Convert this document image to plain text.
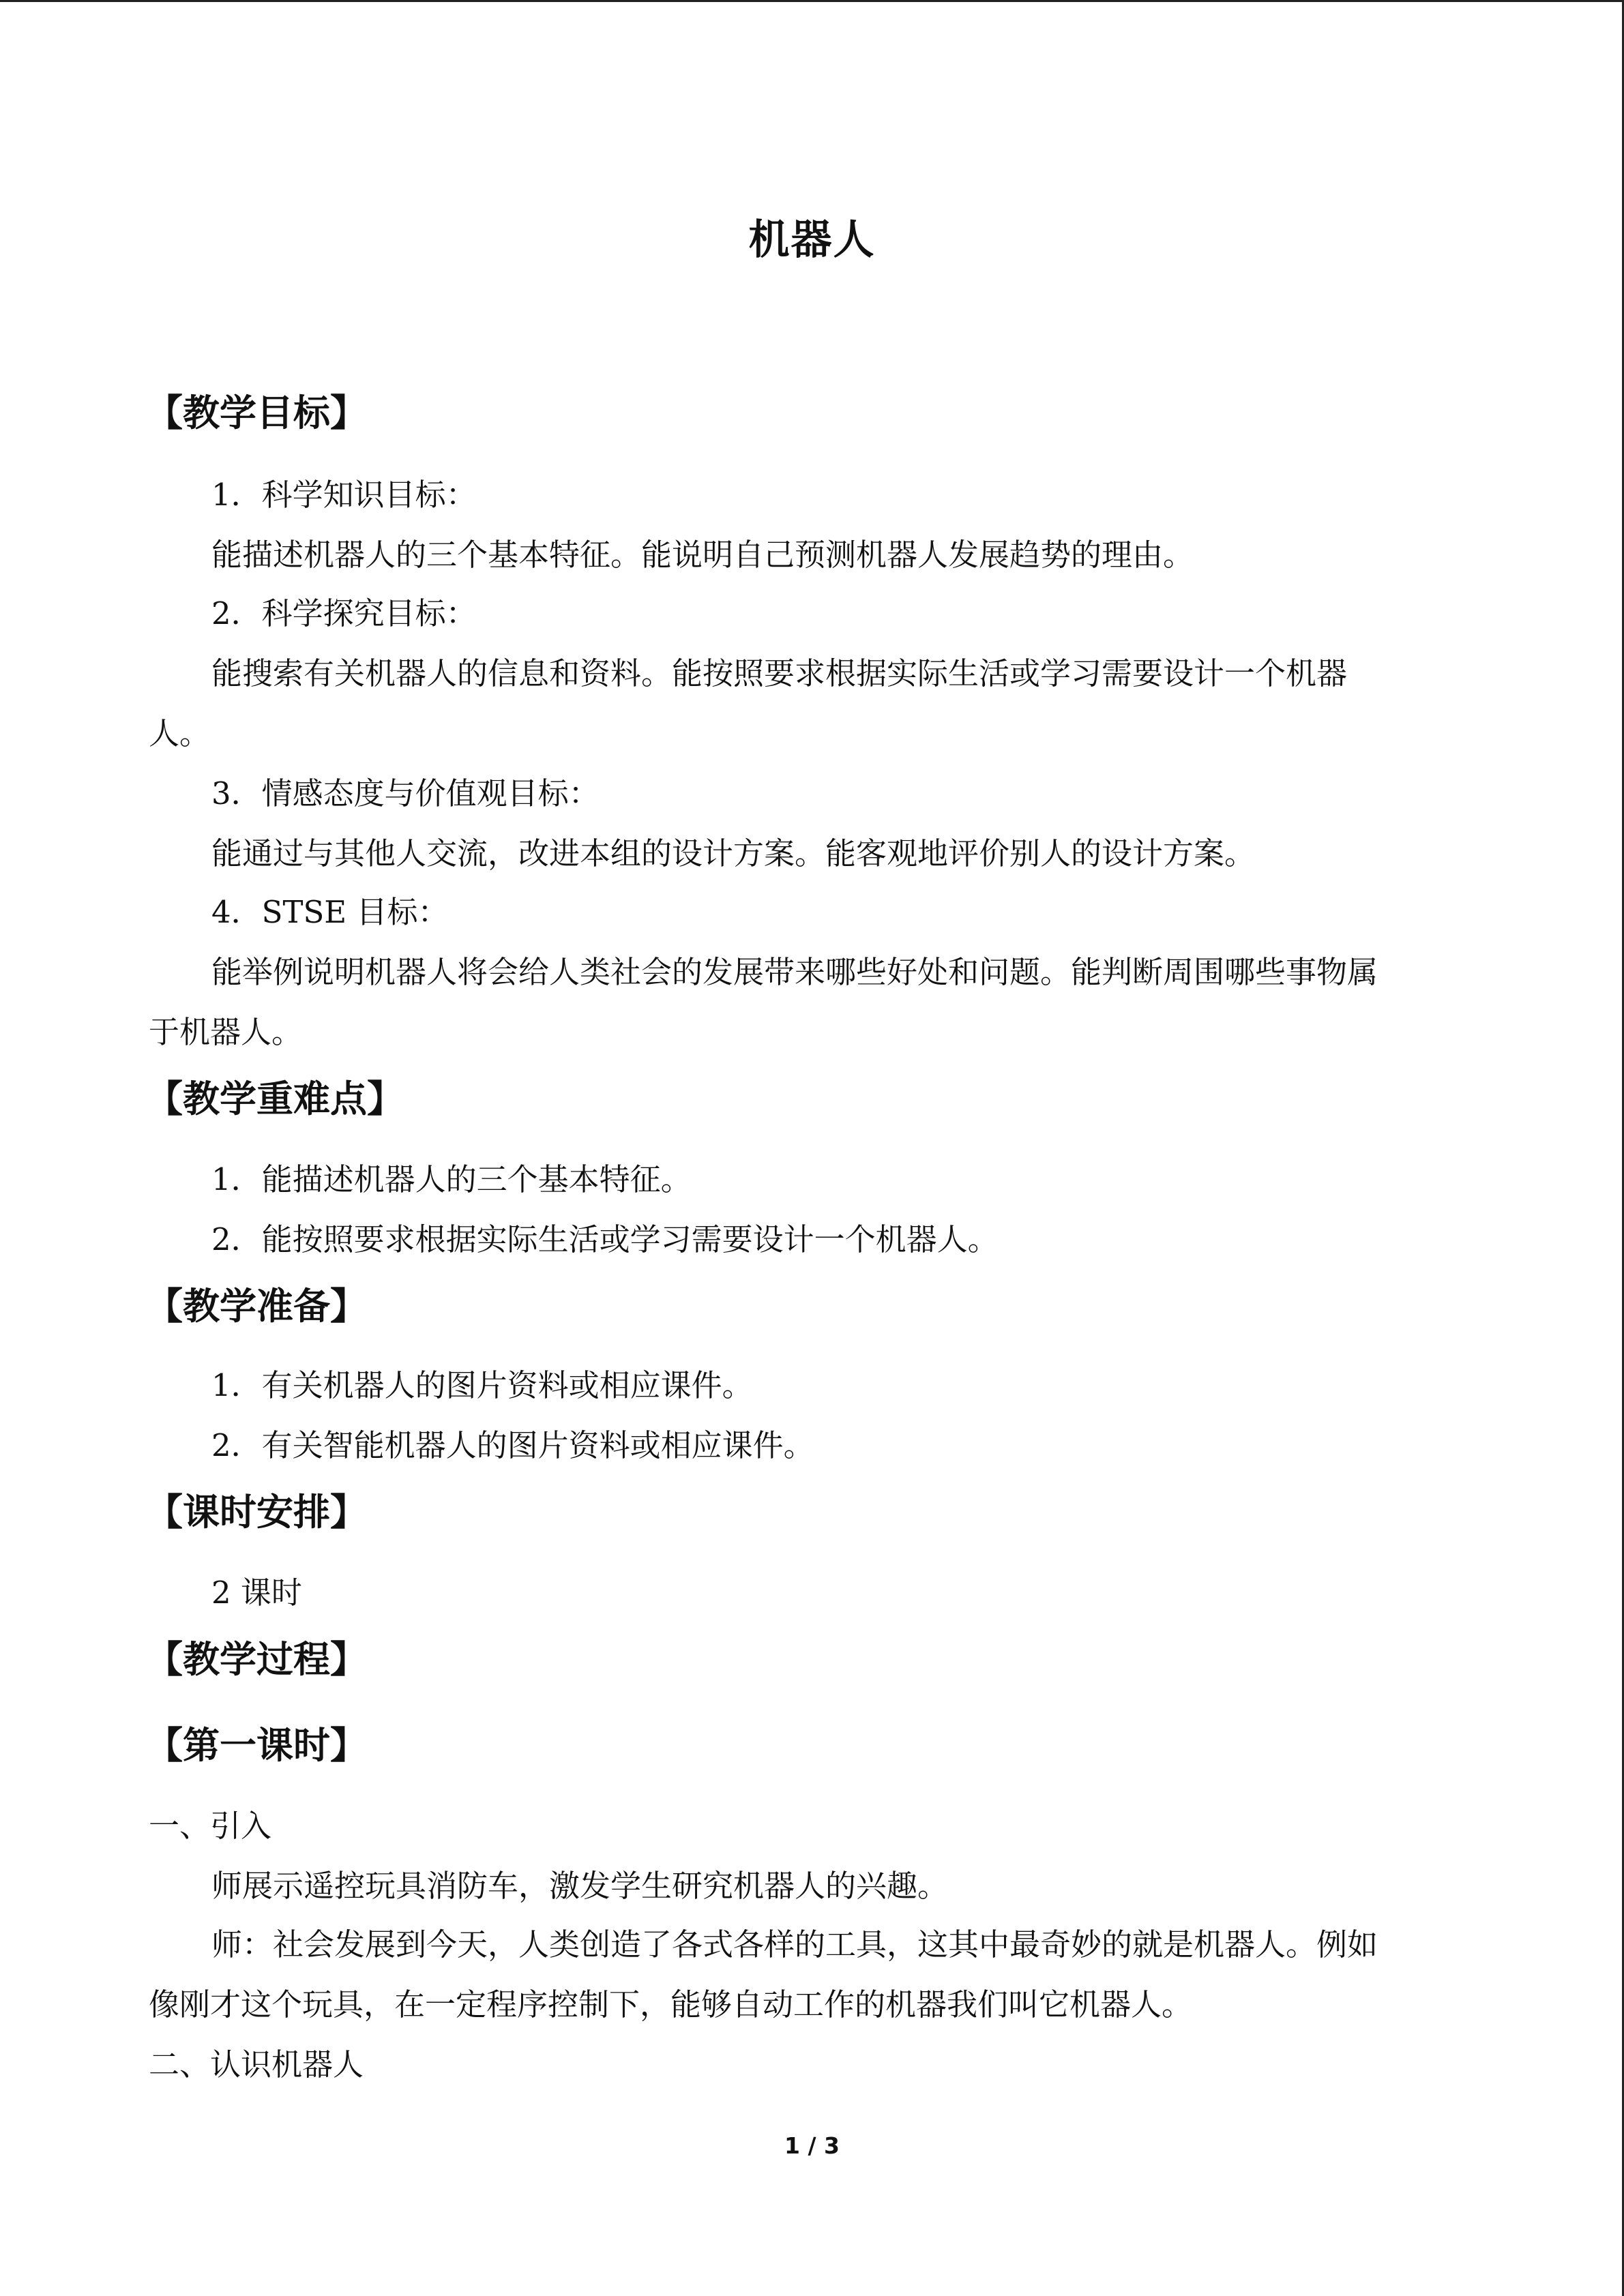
机器人
【教学目标】
1．科学知识目标：
能描述机器人的三个基本特征。能说明自己预测机器人发展趋势的理由。
2．科学探究目标：
能搜索有关机器人的信息和资料。能按照要求根据实际生活或学习需要设计一个机器
人。
3．情感态度与价值观目标：
能通过与其他人交流，改进本组的设计方案。能客观地评价别人的设计方案。
4．STSE 目标：
能举例说明机器人将会给人类社会的发展带来哪些好处和问题。能判断周围哪些事物属
于机器人。
【教学重难点】
1．能描述机器人的三个基本特征。
2．能按照要求根据实际生活或学习需要设计一个机器人。
【教学准备】
1．有关机器人的图片资料或相应课件。
2．有关智能机器人的图片资料或相应课件。
【课时安排】
2 课时
【教学过程】
【第一课时】
一、引入
师展示遥控玩具消防车，激发学生研究机器人的兴趣。
师：社会发展到今天，人类创造了各式各样的工具，这其中最奇妙的就是机器人。例如
像刚才这个玩具，在一定程序控制下，能够自动工作的机器我们叫它机器人。
二、认识机器人
1 / 3
